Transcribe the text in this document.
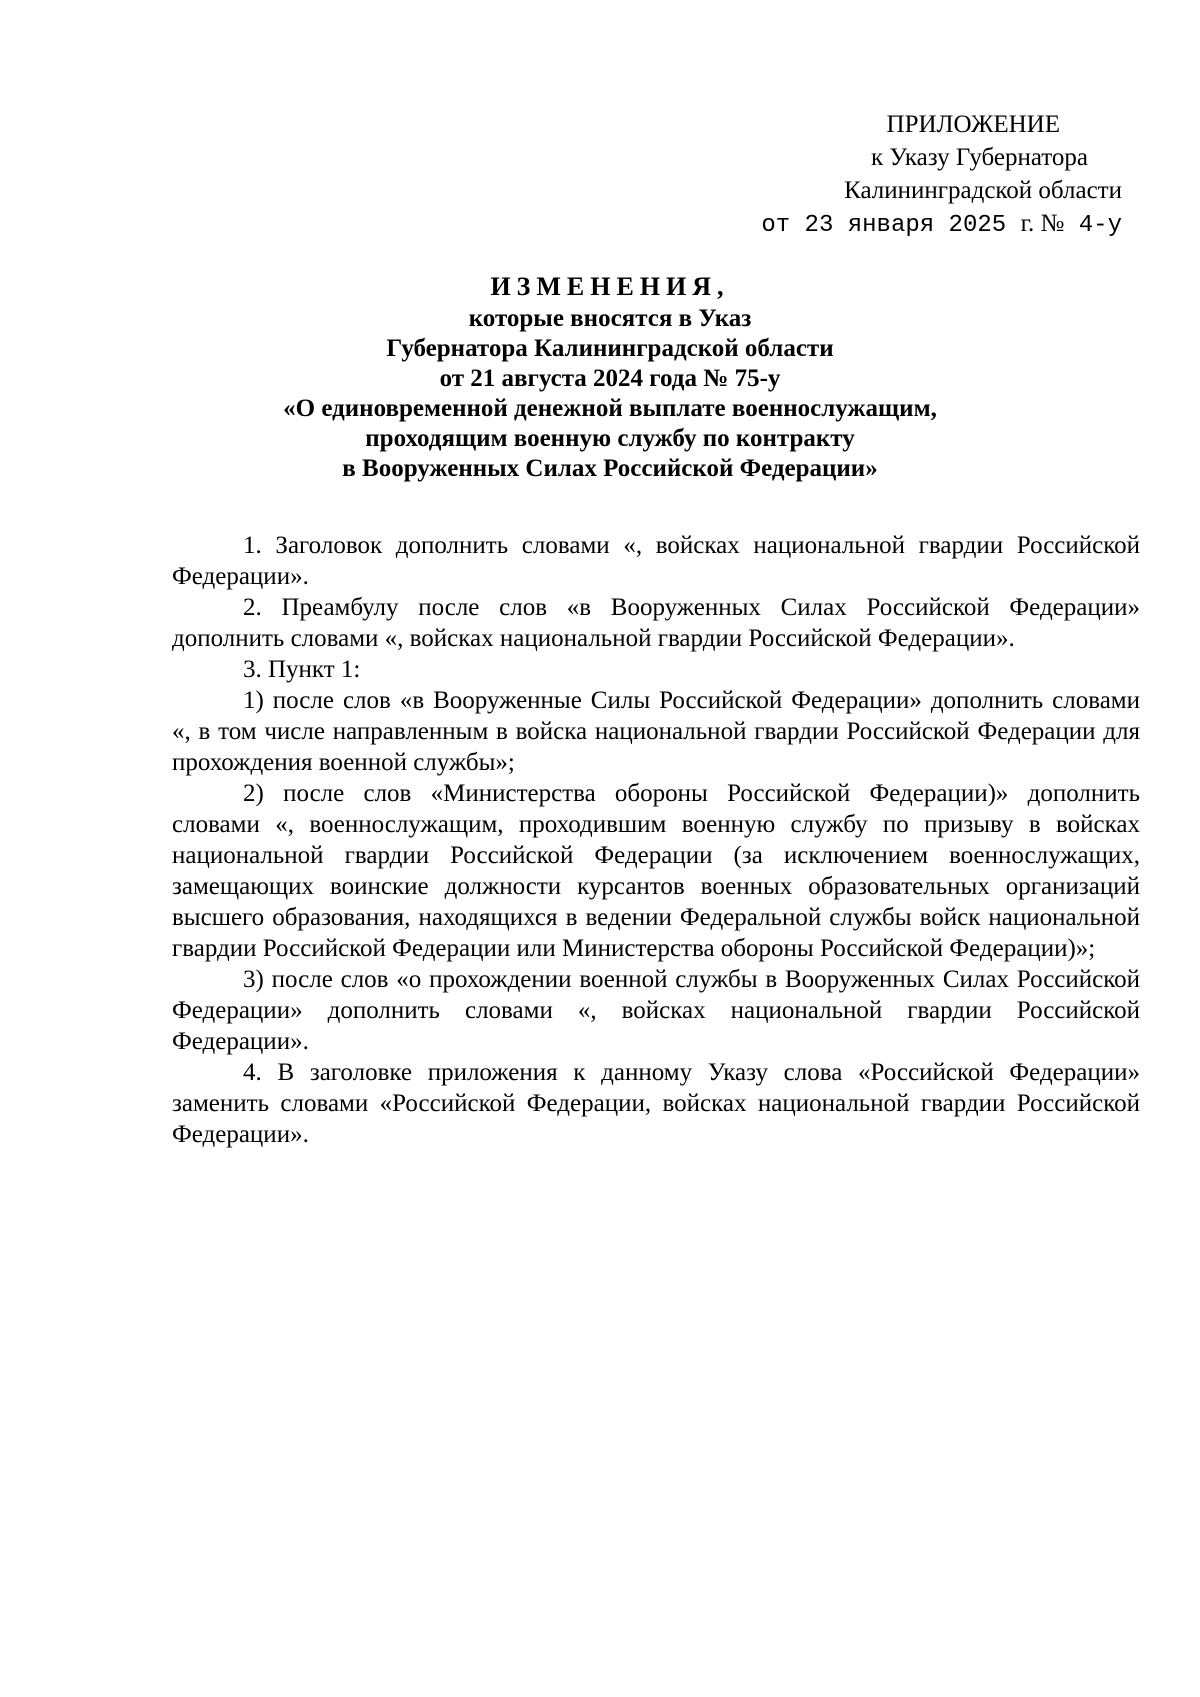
ПРИЛОЖЕНИЕ
к Указу Губернатора
Калининградской области
от 23 января 2025 г. № 4-у
ИЗМЕНЕНИЯ,
которые вносятся в Указ
Губернатора Калининградской области
от 21 августа 2024 года № 75-у
«О единовременной денежной выплате военнослужащим,
проходящим военную службу по контракту
в Вооруженных Силах Российской Федерации»

1. Заголовок дополнить словами «, войсках национальной гвардии Российской Федерации».

2. Преамбулу после слов «в Вооруженных Силах Российской Федерации» дополнить словами «, войсках национальной гвардии Российской Федерации».

3. Пункт 1:

1) после слов «в Вооруженные Силы Российской Федерации» дополнить словами «, в том числе направленным в войска национальной гвардии Российской Федерации для прохождения военной службы»;

2) после слов «Министерства обороны Российской Федерации)» дополнить словами «, военнослужащим, проходившим военную службу по призыву в войсках национальной гвардии Российской Федерации (за исключением военнослужащих, замещающих воинские должности курсантов военных образовательных организаций высшего образования, находящихся в ведении Федеральной службы войск национальной гвардии Российской Федерации или Министерства обороны Российской Федерации)»;

3) после слов «о прохождении военной службы в Вооруженных Силах Российской Федерации» дополнить словами «, войсках национальной гвардии Российской Федерации».

4. В заголовке приложения к данному Указу слова «Российской Федерации» заменить словами «Российской Федерации, войсках национальной гвардии Российской Федерации».
